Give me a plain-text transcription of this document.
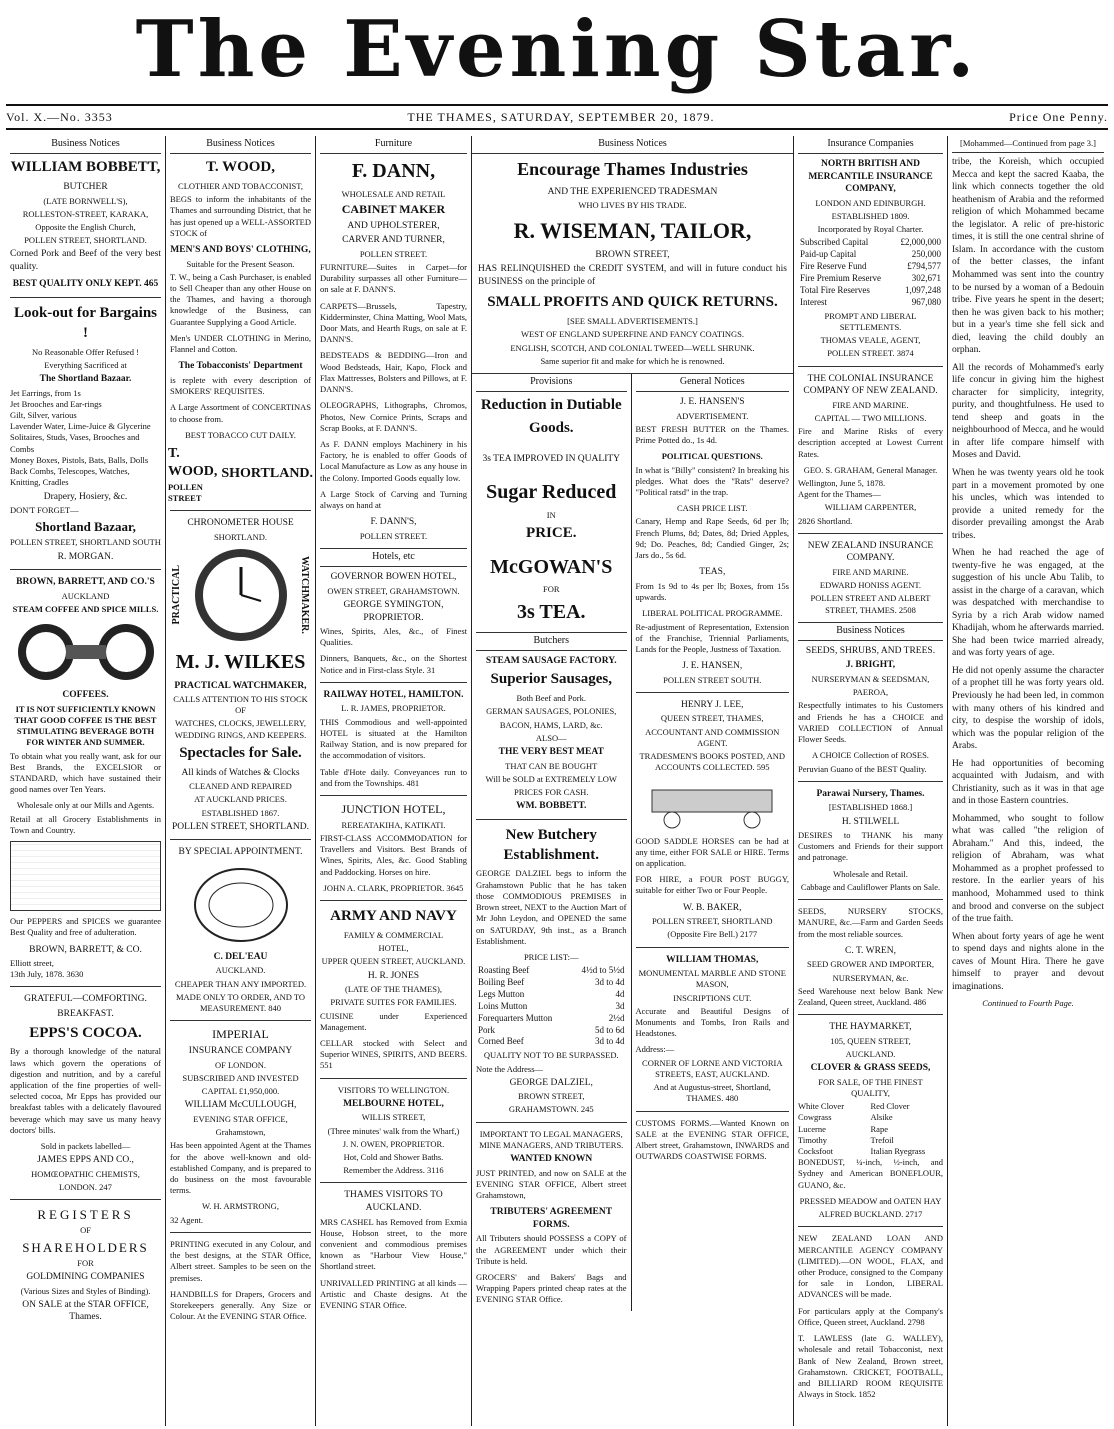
The Evening Star.
Vol. X.—No. 3353	THE THAMES, SATURDAY, SEPTEMBER 20, 1879.	Price One Penny.
Business Notices
WILLIAM BOBBETT,
BUTCHER
(LATE BORNWELL'S),
ROLLESTON-STREET, KARAKA,
Opposite the English Church,
POLLEN STREET, SHORTLAND.
Corned Pork and Beef of the very best quality.
BEST QUALITY ONLY KEPT. 465
Look-out for Bargains !
No Reasonable Offer Refused !
Everything Sacrificed at
The Shortland Bazaar.
Jet Earrings, from 1s
Jet Brooches and Ear-rings
Gilt, Silver, various
Lavender Water, Lime-Juice & Glycerine
Solitaires, Studs, Vases, Brooches and Combs
Money Boxes, Pistols, Bats, Balls, Dolls
Back Combs, Telescopes, Watches, Knitting, Cradles
Drapery, Hosiery, &c.
DON'T FORGET—
Shortland Bazaar,
POLLEN STREET, SHORTLAND SOUTH
R. MORGAN.
BROWN, BARRETT, AND CO.'S
AUCKLAND
STEAM COFFEE AND SPICE MILLS.
COFFEES.
IT IS NOT SUFFICIENTLY KNOWN THAT GOOD COFFEE IS THE BEST STIMULATING BEVERAGE BOTH FOR WINTER AND SUMMER.
To obtain what you really want, ask for our Best Brands, the EXCELSIOR or STANDARD, which have sustained their good names over Ten Years.
Wholesale only at our Mills and Agents.
Retail at all Grocery Establishments in Town and Country.
Our PEPPERS and SPICES we guarantee Best Quality and free of adulteration.
BROWN, BARRETT, & CO.
Elliott street,
13th July, 1878. 3630
GRATEFUL—COMFORTING.
BREAKFAST.
EPPS'S COCOA.
By a thorough knowledge of the natural laws which govern the operations of digestion and nutrition, and by a careful application of the fine properties of well-selected cocoa, Mr Epps has provided our breakfast tables with a delicately flavoured beverage which may save us many heavy doctors' bills.
Sold in packets labelled—
JAMES EPPS AND CO.,
HOMŒOPATHIC CHEMISTS,
LONDON. 247
REGISTERS
OF
SHAREHOLDERS
FOR
GOLDMINING COMPANIES
(Various Sizes and Styles of Binding).
ON SALE at the STAR OFFICE, Thames.
Business Notices
T. WOOD,
CLOTHIER AND TOBACCONIST,
BEGS to inform the inhabitants of the Thames and surrounding District, that he has just opened up a WELL-ASSORTED STOCK of
MEN'S AND BOYS' CLOTHING,
Suitable for the Present Season.
T. W., being a Cash Purchaser, is enabled to Sell Cheaper than any other House on the Thames, and having a thorough knowledge of the Business, can Guarantee Supplying a Good Article.
Men's UNDER CLOTHING in Merino, Flannel and Cotton.
The Tobacconists' Department
is replete with every description of SMOKERS' REQUISITES.
A Large Assortment of CONCERTINAS to choose from.
BEST TOBACCO CUT DAILY.
T. WOOD,
POLLEN STREET
SHORTLAND.
CHRONOMETER HOUSE
SHORTLAND.
PRACTICAL	WATCHMAKER.
M. J. WILKES
PRACTICAL WATCHMAKER,
CALLS ATTENTION TO HIS STOCK OF
WATCHES, CLOCKS, JEWELLERY, WEDDING RINGS, AND KEEPERS.
Spectacles for Sale.
All kinds of Watches & Clocks
CLEANED AND REPAIRED
AT AUCKLAND PRICES.
ESTABLISHED 1867.
POLLEN STREET, SHORTLAND.
BY SPECIAL APPOINTMENT.
C. DEL'EAU
AUCKLAND.
CHEAPER THAN ANY IMPORTED.
MADE ONLY TO ORDER, AND TO MEASUREMENT. 840
IMPERIAL
INSURANCE COMPANY
OF LONDON.
SUBSCRIBED AND INVESTED
CAPITAL £1,950,000.
WILLIAM McCULLOUGH,
EVENING STAR OFFICE,
Grahamstown,
Has been appointed Agent at the Thames for the above well-known and old-established Company, and is prepared to do business on the most favourable terms.
W. H. ARMSTRONG,
32 Agent.
PRINTING executed in any Colour, and the best designs, at the STAR Office, Albert street. Samples to be seen on the premises.
HANDBILLS for Drapers, Grocers and Storekeepers generally. Any Size or Colour. At the EVENING STAR Office.
Furniture
F. DANN,
WHOLESALE AND RETAIL
CABINET MAKER
AND UPHOLSTERER,
CARVER AND TURNER,
POLLEN STREET.
FURNITURE—Suites in Carpet—for Durability surpasses all other Furniture—on sale at F. DANN'S.
CARPETS—Brussels, Tapestry, Kidderminster, China Matting, Wool Mats, Door Mats, and Hearth Rugs, on sale at F. DANN'S.
BEDSTEADS & BEDDING—Iron and Wood Bedsteads, Hair, Kapo, Flock and Flax Mattresses, Bolsters and Pillows, at F. DANN'S.
OLEOGRAPHS, Lithographs, Chromos, Photos, New Cornice Prints, Scraps and Scrap Books, at F. DANN'S.
As F. DANN employs Machinery in his Factory, he is enabled to offer Goods of Local Manufacture as Low as any house in the Colony. Imported Goods equally low.
A Large Stock of Carving and Turning always on hand at
F. DANN'S,
POLLEN STREET.
Hotels, etc
GOVERNOR BOWEN HOTEL,
OWEN STREET, GRAHAMSTOWN.
GEORGE SYMINGTON, PROPRIETOR.
Wines, Spirits, Ales, &c., of Finest Qualities.
Dinners, Banquets, &c., on the Shortest Notice and in First-class Style. 31
RAILWAY HOTEL, HAMILTON.
L. R. JAMES, PROPRIETOR.
THIS Commodious and well-appointed HOTEL is situated at the Hamilton Railway Station, and is now prepared for the accommodation of visitors.
Table d'Hote daily. Conveyances run to and from the Townships. 481
JUNCTION HOTEL,
REREATAKIHA, KATIKATI.
FIRST-CLASS ACCOMMODATION for Travellers and Visitors. Best Brands of Wines, Spirits, Ales, &c. Good Stabling and Paddocking. Horses on hire.
JOHN A. CLARK, PROPRIETOR. 3645
ARMY AND NAVY
FAMILY & COMMERCIAL
HOTEL,
UPPER QUEEN STREET, AUCKLAND.
H. R. JONES
(LATE OF THE THAMES),
PRIVATE SUITES FOR FAMILIES.
CUISINE under Experienced Management.
CELLAR stocked with Select and Superior WINES, SPIRITS, AND BEERS. 551
VISITORS TO WELLINGTON.
MELBOURNE HOTEL,
WILLIS STREET,
(Three minutes' walk from the Wharf,)
J. N. OWEN, PROPRIETOR.
Hot, Cold and Shower Baths.
Remember the Address. 3116
THAMES VISITORS TO AUCKLAND.
MRS CASHEL has Removed from Exmia House, Hobson street, to the more convenient and commodious premises known as "Harbour View House," Shortland street.
UNRIVALLED PRINTING at all kinds —Artistic and Chaste designs. At the EVENING STAR Office.
Business Notices
Encourage Thames Industries
AND THE EXPERIENCED TRADESMAN
WHO LIVES BY HIS TRADE.
R. WISEMAN, TAILOR,
BROWN STREET,
HAS RELINQUISHED the CREDIT SYSTEM, and will in future conduct his BUSINESS on the principle of
SMALL PROFITS AND QUICK RETURNS.
[SEE SMALL ADVERTISEMENTS.]
WEST OF ENGLAND SUPERFINE AND FANCY COATINGS.
ENGLISH, SCOTCH, AND COLONIAL TWEED—WELL SHRUNK.
Same superior fit and make for which he is renowned.
Provisions
Reduction in Dutiable
Goods.
3s TEA IMPROVED IN QUALITY
Sugar Reduced
IN
PRICE.
McGOWAN'S
FOR
3s TEA.
Butchers
STEAM SAUSAGE FACTORY.
Superior Sausages,
Both Beef and Pork.
GERMAN SAUSAGES, POLONIES,
BACON, HAMS, LARD, &c.
ALSO—
THE VERY BEST MEAT
THAT CAN BE BOUGHT
Will be SOLD at EXTREMELY LOW
PRICES FOR CASH.
WM. BOBBETT.
New Butchery Establishment.
GEORGE DALZIEL begs to inform the Grahamstown Public that he has taken those COMMODIOUS PREMISES in Brown street, NEXT to the Auction Mart of Mr John Leydon, and OPENED the same on SATURDAY, 9th inst., as a Branch Establishment.
PRICE LIST:—
Roasting Beef	4½d to 5½d
Boiling Beef	3d to 4d
Legs Mutton	4d
Loins Mutton	3d
Forequarters Mutton	2½d
Pork	5d to 6d
Corned Beef	3d to 4d
QUALITY NOT TO BE SURPASSED.
Note the Address—
GEORGE DALZIEL,
BROWN STREET,
GRAHAMSTOWN. 245
IMPORTANT TO LEGAL MANAGERS, MINE MANAGERS, AND TRIBUTERS.
WANTED KNOWN
JUST PRINTED, and now on SALE at the EVENING STAR OFFICE, Albert street Grahamstown,
TRIBUTERS' AGREEMENT FORMS.
All Tributers should POSSESS a COPY of the AGREEMENT under which their Tribute is held.
GROCERS' and Bakers' Bags and Wrapping Papers printed cheap rates at the EVENING STAR Office.
General Notices
J. E. HANSEN'S
ADVERTISEMENT.
BEST FRESH BUTTER on the Thames. Prime Potted do., 1s 4d.
POLITICAL QUESTIONS.
In what is "Billy" consistent? In breaking his pledges. What does the "Rats" deserve? "Political ratsd" in the trap.
CASH PRICE LIST.
Canary, Hemp and Rape Seeds, 6d per lb; French Plums, 8d; Dates, 8d; Dried Apples, 9d; Do. Peaches, 8d; Candied Ginger, 2s; Jars do., 5s 6d.
TEAS,
From 1s 9d to 4s per lb; Boxes, from 15s upwards.
LIBERAL POLITICAL PROGRAMME.
Re-adjustment of Representation, Extension of the Franchise, Triennial Parliaments, Lands for the People, Justness of Taxation.
J. E. HANSEN,
POLLEN STREET SOUTH.
HENRY J. LEE,
QUEEN STREET, THAMES,
ACCOUNTANT AND COMMISSION AGENT.
TRADESMEN'S BOOKS POSTED, AND ACCOUNTS COLLECTED. 595
GOOD SADDLE HORSES can be had at any time, either FOR SALE or HIRE. Terms on application.
FOR HIRE, a FOUR POST BUGGY, suitable for either Two or Four People.
W. B. BAKER,
POLLEN STREET, SHORTLAND
(Opposite Fire Bell.) 2177
WILLIAM THOMAS,
MONUMENTAL MARBLE AND STONE MASON,
INSCRIPTIONS CUT.
Accurate and Beautiful Designs of Monuments and Tombs, Iron Rails and Headstones.
Address:—
CORNER OF LORNE AND VICTORIA STREETS, EAST, AUCKLAND.
And at Augustus-street, Shortland, THAMES. 480
CUSTOMS FORMS.—Wanted Known on SALE at the EVENING STAR OFFICE, Albert street, Grahamstown, INWARDS and OUTWARDS COASTWISE FORMS.
Insurance Companies
NORTH BRITISH AND MERCANTILE INSURANCE COMPANY,
LONDON AND EDINBURGH.
ESTABLISHED 1809.
Incorporated by Royal Charter.
Subscribed Capital	£2,000,000
Paid-up Capital	250,000
Fire Reserve Fund	£794,577
Fire Premium Reserve	302,671
Total Fire Reserves	1,097,248
Interest	967,080
PROMPT AND LIBERAL SETTLEMENTS.
THOMAS VEALE, AGENT,
POLLEN STREET. 3874
THE COLONIAL INSURANCE COMPANY OF NEW ZEALAND.
FIRE AND MARINE.
CAPITAL — TWO MILLIONS.
Fire and Marine Risks of every description accepted at Lowest Current Rates.
GEO. S. GRAHAM, General Manager.
Wellington, June 5, 1878.
Agent for the Thames—
WILLIAM CARPENTER,
2826 Shortland.
NEW ZEALAND INSURANCE COMPANY.
FIRE AND MARINE.
EDWARD HONISS AGENT.
POLLEN STREET AND ALBERT STREET, THAMES. 2508
Business Notices
SEEDS, SHRUBS, AND TREES.
J. BRIGHT,
NURSERYMAN & SEEDSMAN,
PAEROA,
Respectfully intimates to his Customers and Friends he has a CHOICE and VARIED COLLECTION of Annual Flower Seeds.
A CHOICE Collection of ROSES.
Peruvian Guano of the BEST Quality.
Parawai Nursery, Thames.
[ESTABLISHED 1868.]
H. STILWELL
DESIRES to THANK his many Customers and Friends for their support and patronage.
Wholesale and Retail.
Cabbage and Cauliflower Plants on Sale.
SEEDS, NURSERY STOCKS, MANURE, &c.—Farm and Garden Seeds from the most reliable sources.
C. T. WREN,
SEED GROWER AND IMPORTER,
NURSERYMAN, &c.
Seed Warehouse next below Bank New Zealand, Queen street, Auckland. 486
THE HAYMARKET,
105, QUEEN STREET,
AUCKLAND.
CLOVER & GRASS SEEDS,
FOR SALE, OF THE FINEST QUALITY,
White Clover	Red Clover
Cowgrass	Alsike
Lucerne	Rape
Timothy	Trefoil
Cocksfoot	Italian Ryegrass
BONEDUST, ¼-inch, ½-inch, and Sydney and American BONEFLOUR, GUANO, &c.
PRESSED MEADOW and OATEN HAY
ALFRED BUCKLAND. 2717
NEW ZEALAND LOAN AND MERCANTILE AGENCY COMPANY (LIMITED).—ON WOOL, FLAX, and other Produce, consigned to the Company for sale in London, LIBERAL ADVANCES will be made.
For particulars apply at the Company's Office, Queen street, Auckland. 2798
T. LAWLESS (late G. WALLEY), wholesale and retail Tobacconist, next Bank of New Zealand, Brown street, Grahamstown. CRICKET, FOOTBALL, and BILLIARD ROOM REQUISITE Always in Stock. 1852
[Mohammed—Continued from page 3.]
tribe, the Koreish, which occupied Mecca and kept the sacred Kaaba, the link which connects together the old heathenism of Arabia and the reformed religion of which Mohammed became the legislator. A relic of pre-historic times, it is still the one central shrine of Islam. In accordance with the custom of the better classes, the infant Mohammed was sent into the country to be nursed by a woman of a Bedouin tribe. Five years he spent in the desert; then he was given back to his mother; but in a year's time she fell sick and died, leaving the child doubly an orphan.
All the records of Mohammed's early life concur in giving him the highest character for simplicity, integrity, purity, and thoughtfulness. He used to tend sheep and goats in the neighbourhood of Mecca, and he would in after life compare himself with Moses and David.
When he was twenty years old he took part in a movement promoted by one his uncles, which was intended to provide a united remedy for the disorder prevailing amongst the Arab tribes.
When he had reached the age of twenty-five he was engaged, at the suggestion of his uncle Abu Talib, to assist in the charge of a caravan, which was despatched with merchandise to Syria by a rich Arab widow named Khadijah, whom he afterwards married. She had been twice married already, and was forty years of age.
He did not openly assume the character of a prophet till he was forty years old. Previously he had been led, in common with many others of his kindred and city, to despise the worship of idols, which was the popular religion of the Arabs.
He had opportunities of becoming acquainted with Judaism, and with Christianity, such as it was in that age and in those Eastern countries.
Mohammed, who sought to follow what was called "the religion of Abraham." And this, indeed, the religion of Abraham, was what Mohammed as a prophet professed to restore. In the earlier years of his manhood, Mohammed used to think and brood and converse on the subject of the true faith.
When about forty years of age he went to spend days and nights alone in the caves of Mount Hira. There he gave himself to prayer and devout imaginations.
Continued to Fourth Page.
